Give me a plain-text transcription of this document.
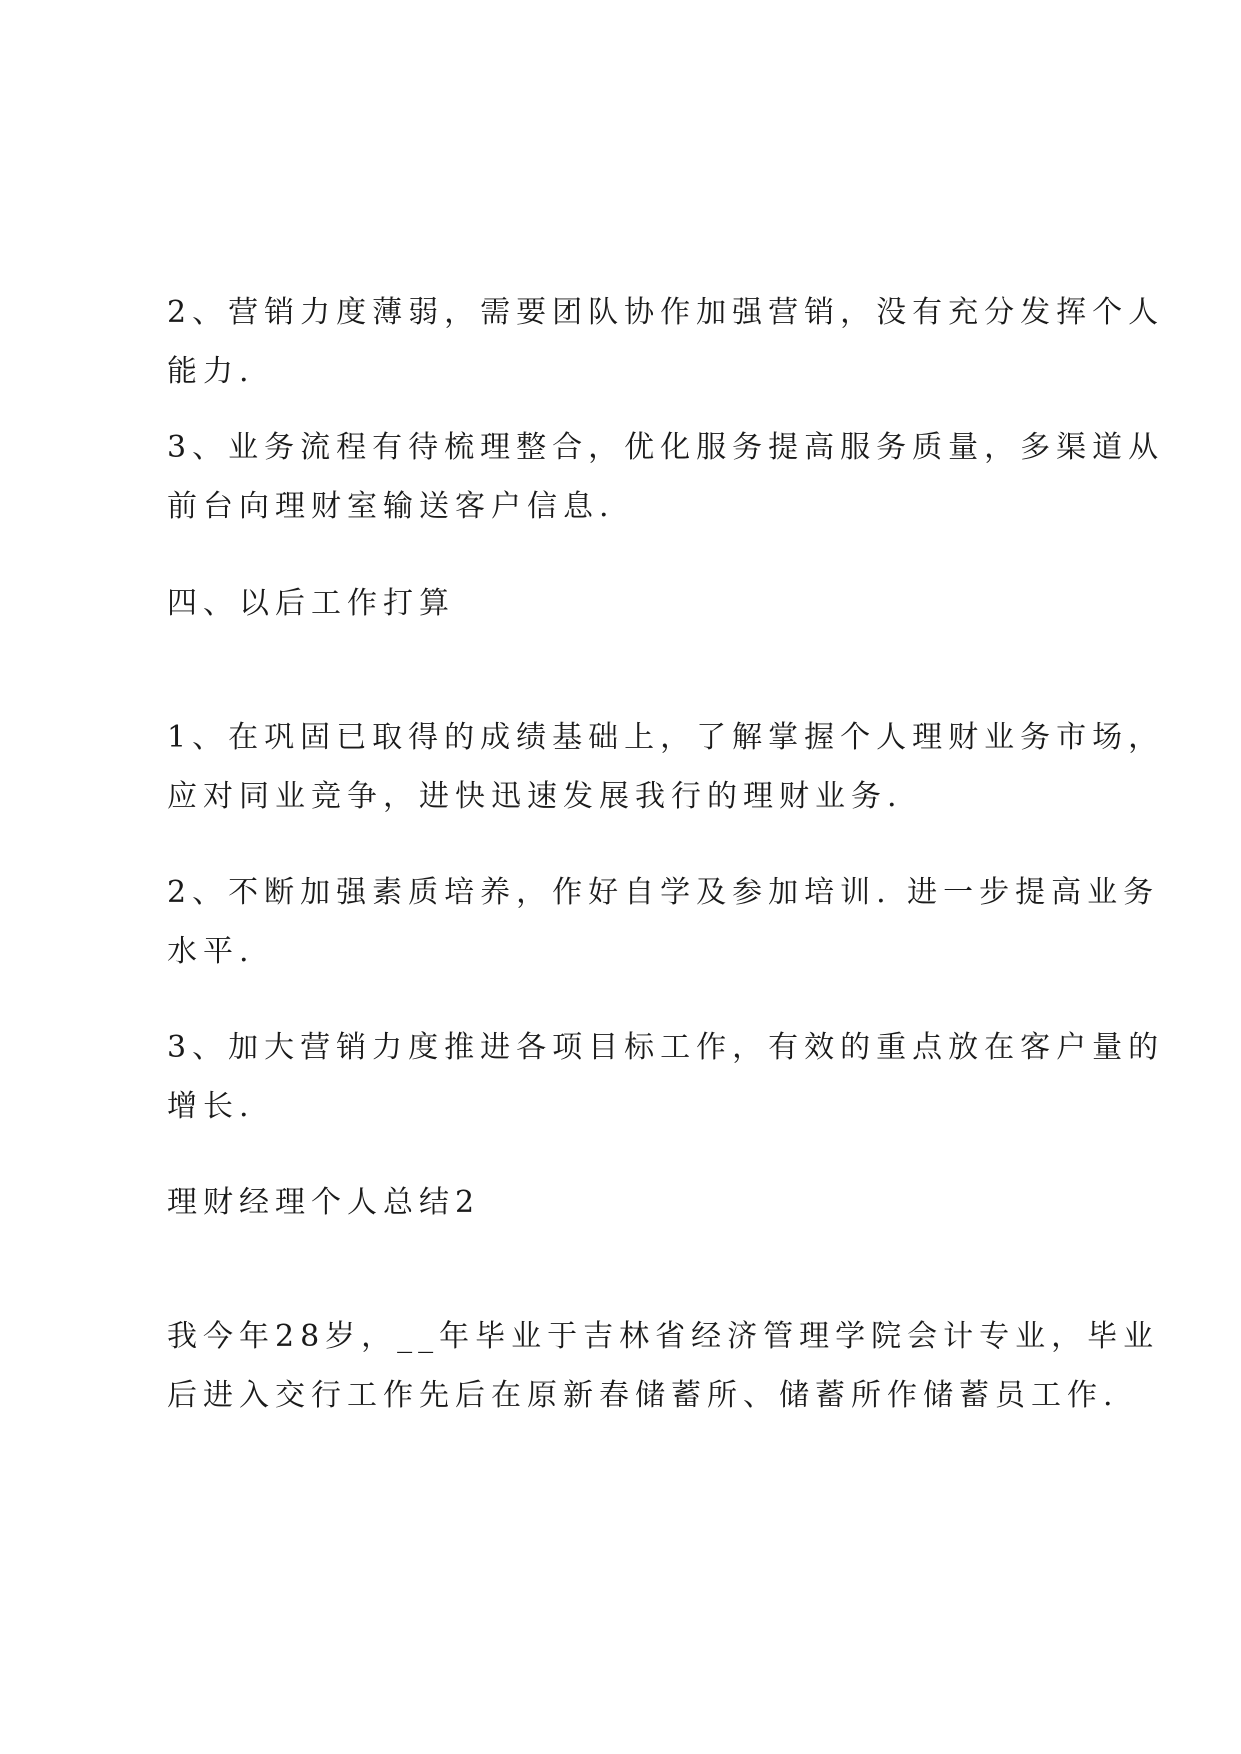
2、营销力度薄弱，需要团队协作加强营销，没有充分发挥个人
能力.

3、业务流程有待梳理整合，优化服务提高服务质量，多渠道从
前台向理财室输送客户信息.

四、以后工作打算

1、在巩固已取得的成绩基础上，了解掌握个人理财业务市场，
应对同业竞争，进快迅速发展我行的理财业务.

2、不断加强素质培养，作好自学及参加培训. 进一步提高业务
水平.

3、加大营销力度推进各项目标工作，有效的重点放在客户量的
增长.

理财经理个人总结2

我今年28岁，__年毕业于吉林省经济管理学院会计专业，毕业
后进入交行工作先后在原新春储蓄所、储蓄所作储蓄员工作.
